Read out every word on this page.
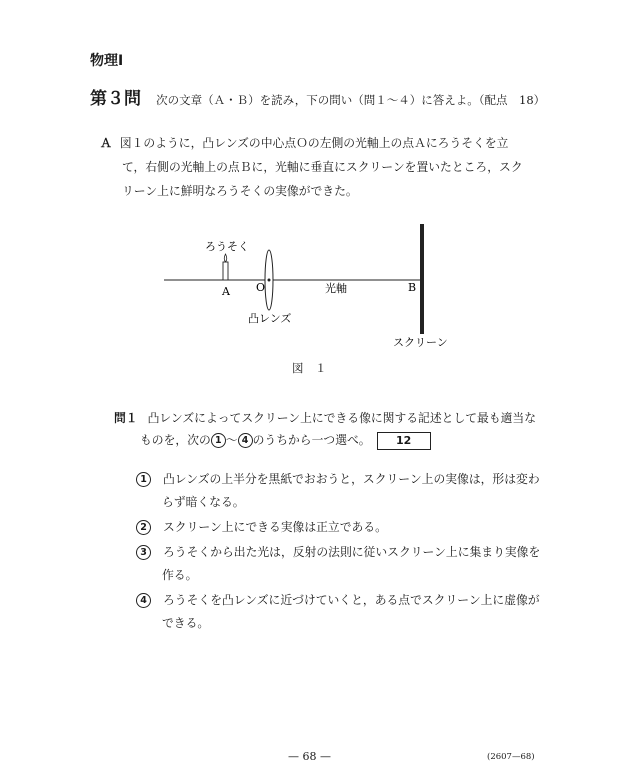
物理Ⅰ
第３問 次の文章（Ａ・Ｂ）を読み，下の問い（問１～４）に答えよ。（配点　18）
Ａ 図１のように，凸レンズの中心点Ｏの左側の光軸上の点Ａにろうそくを立
て，右側の光軸上の点Ｂに，光軸に垂直にスクリーンを置いたところ，スク
リーン上に鮮明なろうそくの実像ができた。
ろうそく
A O	光軸	B
凸レンズ
スクリーン
図　１
問１ 凸レンズによってスクリーン上にできる像に関する記述として最も適当な
ものを，次の 1 ～ 4 のうちから一つ選べ。 12
1 凸レンズの上半分を黒紙でおおうと，スクリーン上の実像は，形は変わ
らず暗くなる。
2 スクリーン上にできる実像は正立である。
3 ろうそくから出た光は，反射の法則に従いスクリーン上に集まり実像を
作る。
4 ろうそくを凸レンズに近づけていくと，ある点でスクリーン上に虚像が
できる。
— 68 —	(2607—68)
